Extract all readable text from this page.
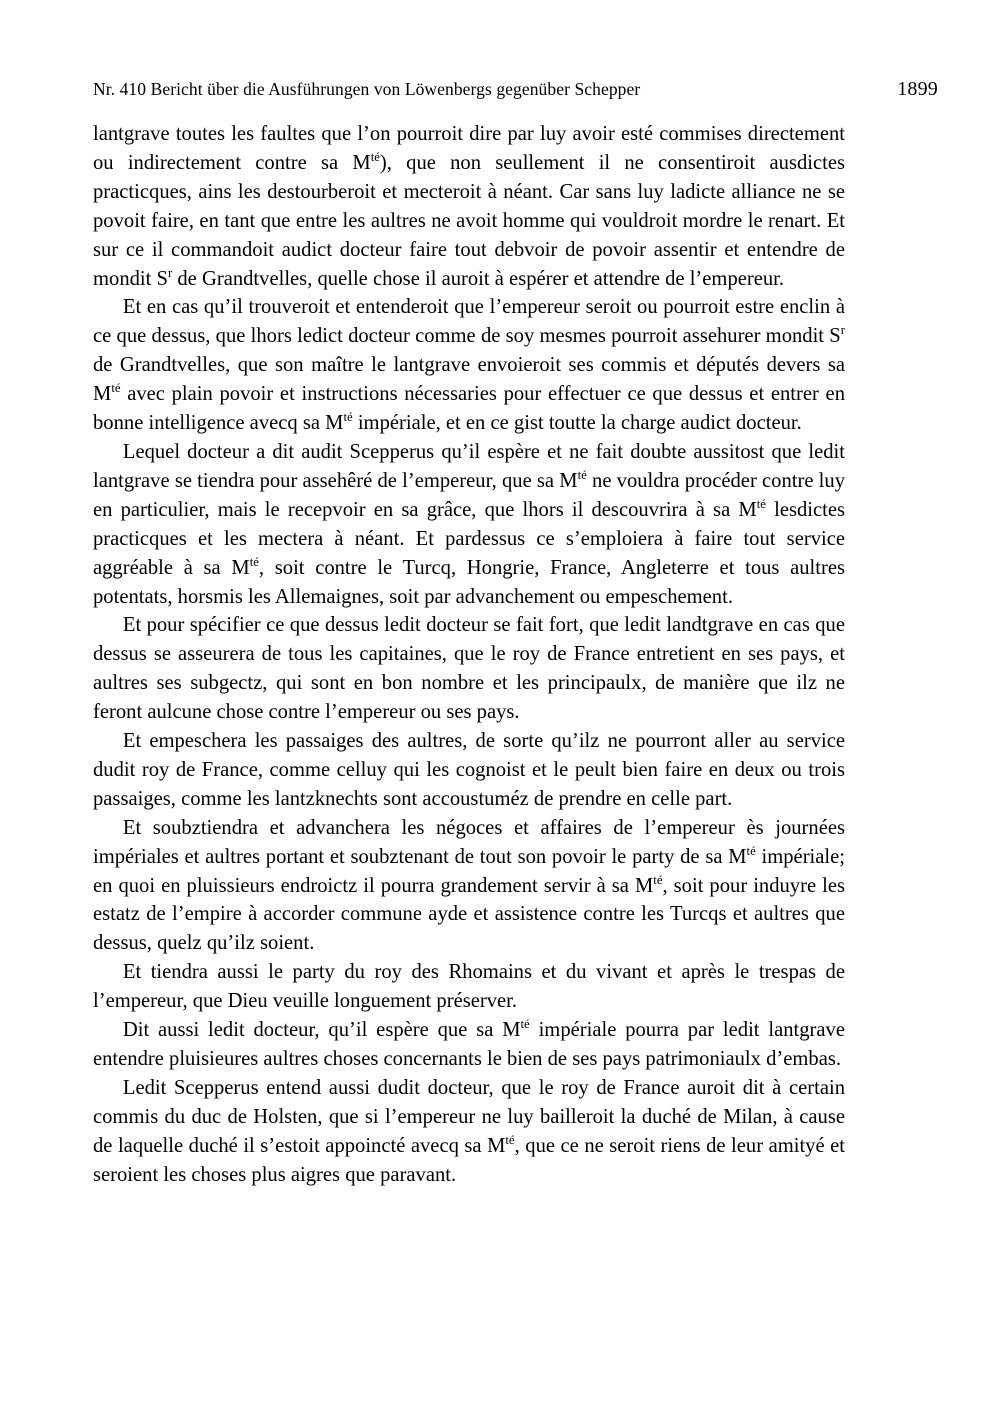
Nr. 410 Bericht über die Ausführungen von Löwenbergs gegenüber Schepper	1899

lantgrave toutes les faultes que l’on pourroit dire par luy avoir esté commises directement ou indirectement contre sa $M^{té}$), que non seullement il ne consentiroit ausdictes practicques, ains les destourberoit et mecteroit à néant. Car sans luy ladicte alliance ne se povoit faire, en tant que entre les aultres ne avoit homme qui vouldroit mordre le renart. Et sur ce il commandoit audict docteur faire tout debvoir de povoir assentir et entendre de mondit $S^r$ de Grandtvelles, quelle chose il auroit à espérer et attendre de l’empereur.

Et en cas qu’il trouveroit et entenderoit que l’empereur seroit ou pourroit estre enclin à ce que dessus, que lhors ledict docteur comme de soy mesmes pourroit assehurer mondit $S^r$ de Grandtvelles, que son maître le lantgrave envoieroit ses commis et députés devers sa $M^{té}$ avec plain povoir et instructions nécessaries pour effectuer ce que dessus et entrer en bonne intelligence avecq sa $M^{té}$ impériale, et en ce gist toutte la charge audict docteur.

Lequel docteur a dit audit Scepperus qu’il espère et ne fait doubte aussitost que ledit lantgrave se tiendra pour assehêré de l’empereur, que sa $M^{té}$ ne vouldra procéder contre luy en particulier, mais le recepvoir en sa grâce, que lhors il descouvrira à sa $M^{té}$ lesdictes practicques et les mectera à néant. Et pardessus ce s’emploiera à faire tout service aggréable à sa $M^{té}$, soit contre le Turcq, Hongrie, France, Angleterre et tous aultres potentats, horsmis les Allemaignes, soit par advanchement ou empeschement.

Et pour spécifier ce que dessus ledit docteur se fait fort, que ledit landtgrave en cas que dessus se asseurera de tous les capitaines, que le roy de France entretient en ses pays, et aultres ses subgectz, qui sont en bon nombre et les principaulx, de manière que ilz ne feront aulcune chose contre l’empereur ou ses pays.

Et empeschera les passaiges des aultres, de sorte qu’ilz ne pourront aller au service dudit roy de France, comme celluy qui les cognoist et le peult bien faire en deux ou trois passaiges, comme les lantzknechts sont accoustuméz de prendre en celle part.

Et soubztiendra et advanchera les négoces et affaires de l’empereur ès journées impériales et aultres portant et soubztenant de tout son povoir le party de sa $M^{té}$ impériale; en quoi en pluissieurs endroictz il pourra grandement servir à sa $M^{té}$, soit pour induyre les estatz de l’empire à accorder commune ayde et assistence contre les Turcqs et aultres que dessus, quelz qu’ilz soient.

Et tiendra aussi le party du roy des Rhomains et du vivant et après le trespas de l’empereur, que Dieu veuille longuement préserver.

Dit aussi ledit docteur, qu’il espère que sa $M^{té}$ impériale pourra par ledit lantgrave entendre pluisieures aultres choses concernants le bien de ses pays patrimoniaulx d’embas.

Ledit Scepperus entend aussi dudit docteur, que le roy de France auroit dit à certain commis du duc de Holsten, que si l’empereur ne luy bailleroit la duché de Milan, à cause de laquelle duché il s’estoit appoincté avecq sa $M^{té}$, que ce ne seroit riens de leur amityé et seroient les choses plus aigres que paravant.
